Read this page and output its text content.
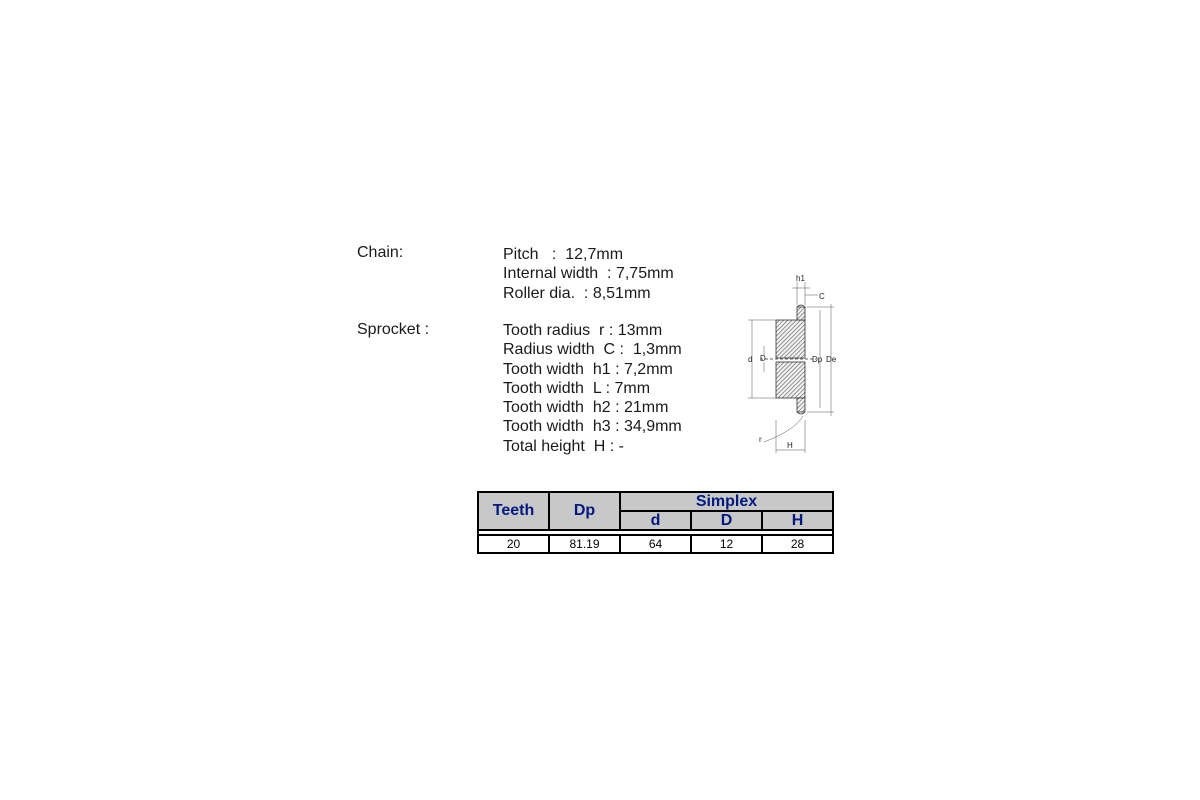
Chain:	Pitch   :  12,7mm
Internal width  : 7,75mm
Roller dia.  : 8,51mm
Sprocket :	Tooth radius  r : 13mm
Radius width  C :  1,3mm
Tooth width  h1 : 7,2mm
Tooth width  L : 7mm
Tooth width  h2 : 21mm
Tooth width  h3 : 34,9mm
Total height  H : -
h1
C
d D	Dp De
r
H
Teeth	Dp	Simplex		
		d	D	H

20	81.19	64	12	28
